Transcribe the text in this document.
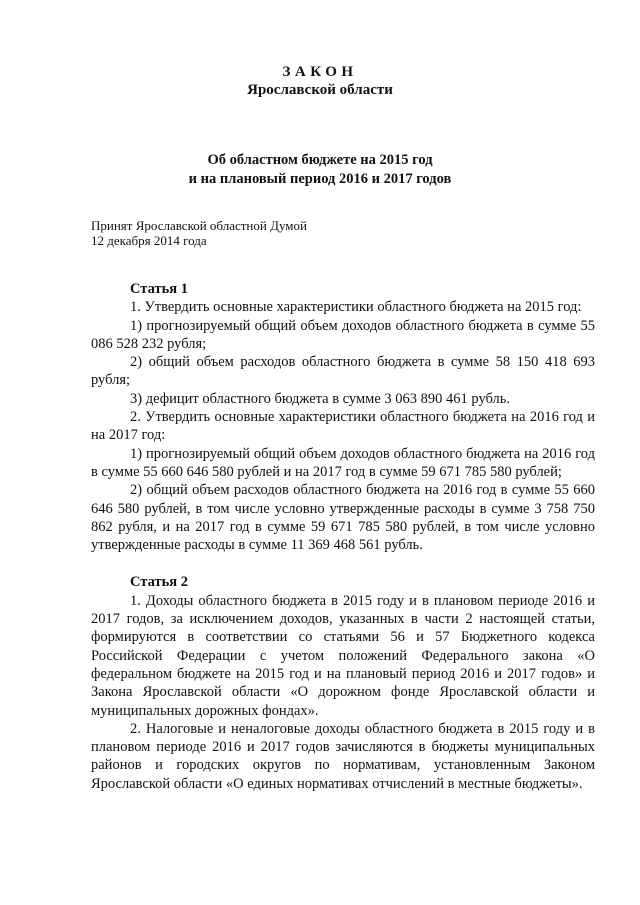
ЗАКОН
Ярославской области
Об областном бюджете на 2015 год
и на плановый период 2016 и 2017 годов
Принят Ярославской областной Думой
12 декабря 2014 года
Статья 1

1. Утвердить основные характеристики областного бюджета на 2015 год:

1) прогнозируемый общий объем доходов областного бюджета в сумме 55 086 528 232 рубля;

2) общий объем расходов областного бюджета в сумме 58 150 418 693 рубля;

3) дефицит областного бюджета в сумме 3 063 890 461 рубль.

2. Утвердить основные характеристики областного бюджета на 2016 год и на 2017 год:

1) прогнозируемый общий объем доходов областного бюджета на 2016 год в сумме 55 660 646 580 рублей и на 2017 год в сумме 59 671 785 580 рублей;

2) общий объем расходов областного бюджета на 2016 год в сумме 55 660 646 580 рублей, в том числе условно утвержденные расходы в сумме 3 758 750 862 рубля, и на 2017 год в сумме 59 671 785 580 рублей, в том числе условно утвержденные расходы в сумме 11 369 468 561 рубль.

Статья 2

1. Доходы областного бюджета в 2015 году и в плановом периоде 2016 и 2017 годов, за исключением доходов, указанных в части 2 настоящей статьи, формируются в соответствии со статьями 56 и 57 Бюджетного кодекса Российской Федерации с учетом положений Федерального закона «О федеральном бюджете на 2015 год и на плановый период 2016 и 2017 годов» и Закона Ярославской области «О дорожном фонде Ярославской области и муниципальных дорожных фондах».

2. Налоговые и неналоговые доходы областного бюджета в 2015 году и в плановом периоде 2016 и 2017 годов зачисляются в бюджеты муниципальных районов и городских округов по нормативам, установленным Законом Ярославской области «О единых нормативах отчислений в местные бюджеты».
